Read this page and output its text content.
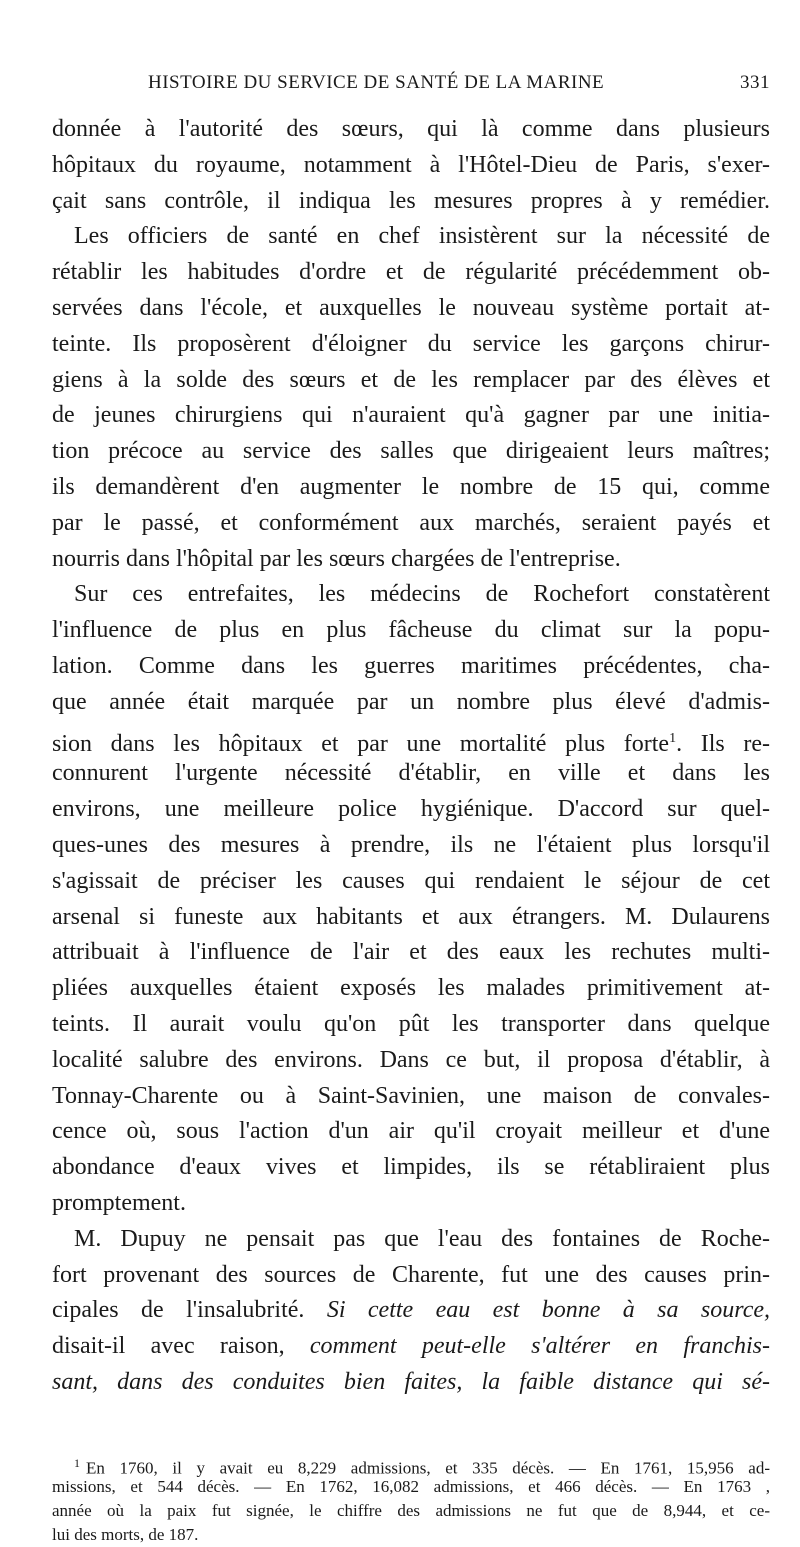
HISTOIRE DU SERVICE DE SANTÉ DE LA MARINE	331
donnée à l'autorité des sœurs, qui là comme dans plusieurs
hôpitaux du royaume, notamment à l'Hôtel-Dieu de Paris, s'exer-
çait sans contrôle, il indiqua les mesures propres à y remédier.
Les officiers de santé en chef insistèrent sur la nécessité de
rétablir les habitudes d'ordre et de régularité précédemment ob-
servées dans l'école, et auxquelles le nouveau système portait at-
teinte. Ils proposèrent d'éloigner du service les garçons chirur-
giens à la solde des sœurs et de les remplacer par des élèves et
de jeunes chirurgiens qui n'auraient qu'à gagner par une initia-
tion précoce au service des salles que dirigeaient leurs maîtres;
ils demandèrent d'en augmenter le nombre de 15 qui, comme
par le passé, et conformément aux marchés, seraient payés et
nourris dans l'hôpital par les sœurs chargées de l'entreprise.
Sur ces entrefaites, les médecins de Rochefort constatèrent
l'influence de plus en plus fâcheuse du climat sur la popu-
lation. Comme dans les guerres maritimes précédentes, cha-
que année était marquée par un nombre plus élevé d'admis-
sion dans les hôpitaux et par une mortalité plus forte$^1$. Ils re-
connurent l'urgente nécessité d'établir, en ville et dans les
environs, une meilleure police hygiénique. D'accord sur quel-
ques-unes des mesures à prendre, ils ne l'étaient plus lorsqu'il
s'agissait de préciser les causes qui rendaient le séjour de cet
arsenal si funeste aux habitants et aux étrangers. M. Dulaurens
attribuait à l'influence de l'air et des eaux les rechutes multi-
pliées auxquelles étaient exposés les malades primitivement at-
teints. Il aurait voulu qu'on pût les transporter dans quelque
localité salubre des environs. Dans ce but, il proposa d'établir, à
Tonnay-Charente ou à Saint-Savinien, une maison de convales-
cence où, sous l'action d'un air qu'il croyait meilleur et d'une
abondance d'eaux vives et limpides, ils se rétabliraient plus
promptement.
M. Dupuy ne pensait pas que l'eau des fontaines de Roche-
fort provenant des sources de Charente, fut une des causes prin-
cipales de l'insalubrité. Si cette eau est bonne à sa source,
disait-il avec raison, comment peut-elle s'altérer en franchis-
sant, dans des conduites bien faites, la faible distance qui sé-
$^1$ En 1760, il y avait eu 8,229 admissions, et 335 décès. — En 1761, 15,956 ad-
missions, et 544 décès. — En 1762, 16,082 admissions, et 466 décès. — En 1763 ,
année où la paix fut signée, le chiffre des admissions ne fut que de 8,944, et ce-
lui des morts, de 187.
